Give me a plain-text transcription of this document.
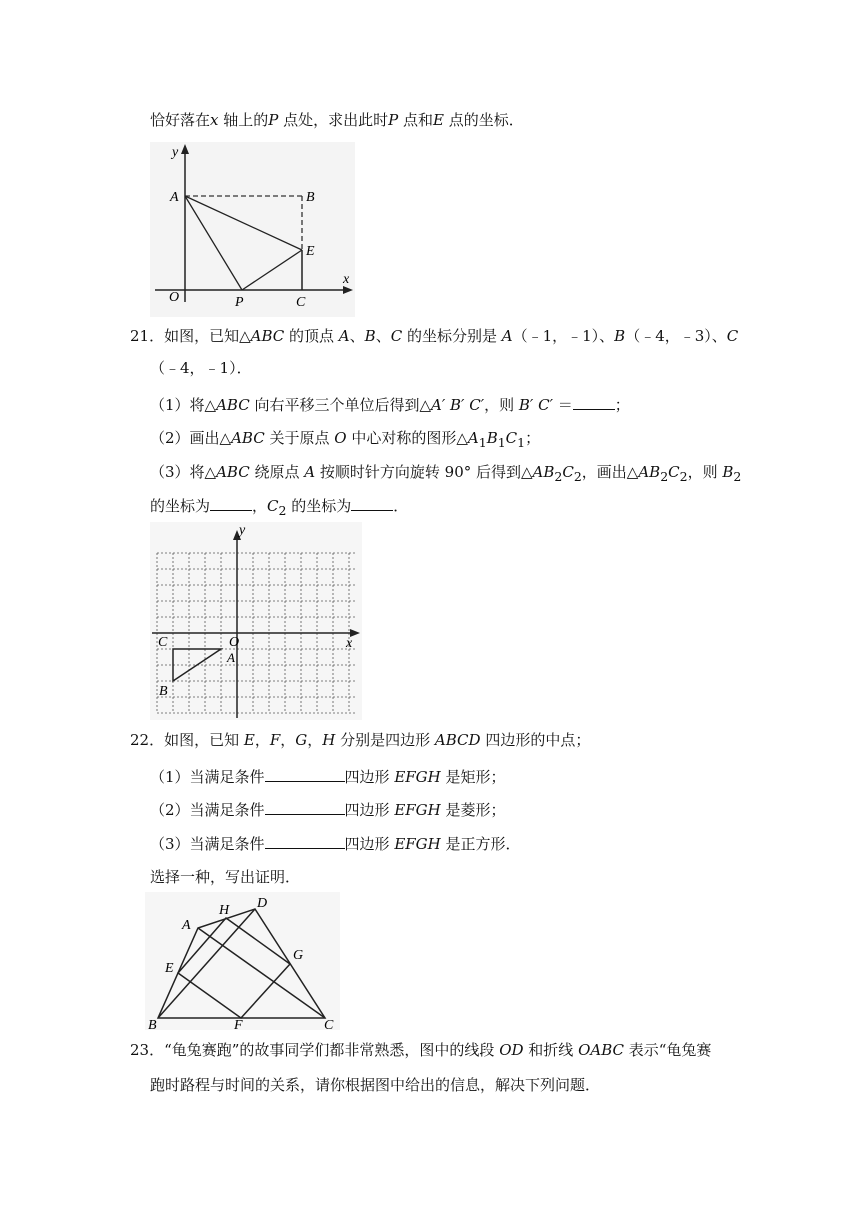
恰好落在x 轴上的P 点处，求出此时P 点和E 点的坐标．
y
A	B
E
x
O	P	C
21．如图，已知△ABC 的顶点 A、B、C 的坐标分别是 A（﹣1，﹣1）、B（﹣4，﹣3）、C
（﹣4，﹣1）．
（1）将△ABC 向右平移三个单位后得到△A′ B′ C′，则 B′ C′ ＝	；
（2）画出△ABC 关于原点 O 中心对称的图形$\triangle A_1B_1C_1$；
（3）将△ABC 绕原点 A 按顺时针方向旋转 90° 后得到$\triangle AB_2C_2$，画出$\triangle AB_2C_2$，则 $B_2$
的坐标为	，$C_2$ 的坐标为	．
y
x
C	O
A
B
22．如图，已知 E，F，G，H 分别是四边形 ABCD 四边形的中点；
（1）当满足条件	四边形 EFGH 是矩形；
（2）当满足条件	四边形 EFGH 是菱形；
（3）当满足条件	四边形 EFGH 是正方形．
选择一种，写出证明．
A
H D
E
G
B	F	C
23．“龟兔赛跑”的故事同学们都非常熟悉，图中的线段 OD 和折线 OABC 表示“龟兔赛
跑时路程与时间的关系，请你根据图中给出的信息，解决下列问题．
